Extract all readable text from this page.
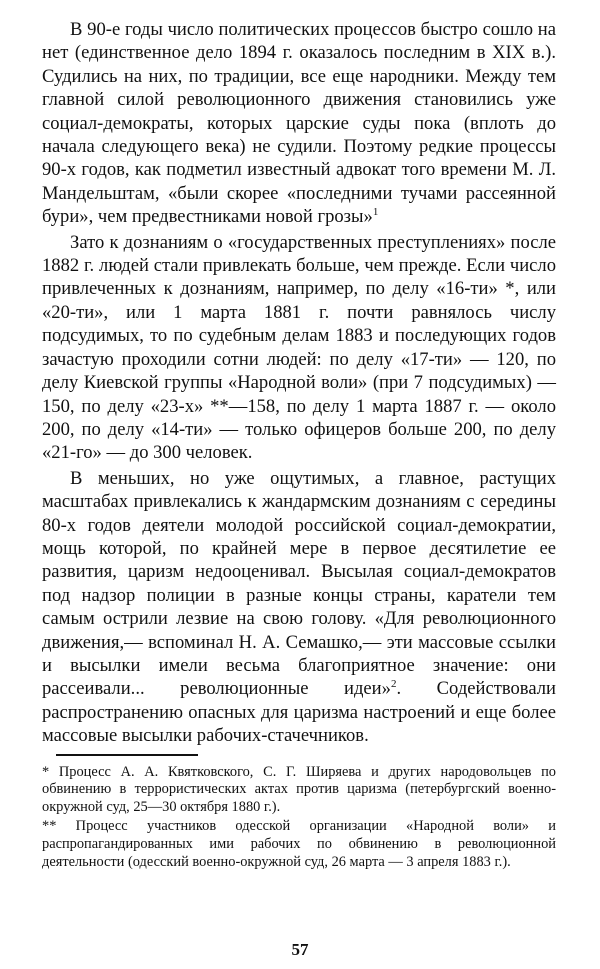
В 90-е годы число политических процессов быстро сошло на нет (единственное дело 1894 г. оказалось последним в XIX в.). Судились на них, по традиции, все еще народники. Между тем главной силой революционного движения становились уже социал-демократы, которых царские суды пока (вплоть до начала следующего века) не судили. Поэтому редкие процессы 90-х годов, как подметил известный адвокат того времени М. Л. Мандельштам, «были скорее «последними тучами рассеянной бури», чем предвестниками новой грозы»$^1$

Зато к дознаниям о «государственных преступлениях» после 1882 г. людей стали привлекать больше, чем прежде. Если число привлеченных к дознаниям, например, по делу «16-ти» *, или «20-ти», или 1 марта 1881 г. почти равнялось числу подсудимых, то по судебным делам 1883 и последующих годов зачастую проходили сотни людей: по делу «17-ти» — 120, по делу Киевской группы «Народной воли» (при 7 подсудимых) — 150, по делу «23-х» **—158, по делу 1 марта 1887 г. — около 200, по делу «14-ти» — только офицеров больше 200, по делу «21-го» — до 300 человек.

В меньших, но уже ощутимых, а главное, растущих масштабах привлекались к жандармским дознаниям с середины 80-х годов деятели молодой российской социал-демократии, мощь которой, по крайней мере в первое десятилетие ее развития, царизм недооценивал. Высылая социал-демократов под надзор полиции в разные концы страны, каратели тем самым острили лезвие на свою голову. «Для революционного движения,— вспоминал Н. А. Семашко,— эти массовые ссылки и высылки имели весьма благоприятное значение: они рассеивали... революционные идеи»$^2$. Содействовали распространению опасных для царизма настроений и еще более массовые высылки рабочих-стачечников.

* Процесс А. А. Квятковского, С. Г. Ширяева и других народовольцев по обвинению в террористических актах против царизма (петербургский военно-окружной суд, 25—30 октября 1880 г.).

** Процесс участников одесской организации «Народной воли» и распропагандированных ими рабочих по обвинению в революционной деятельности (одесский военно-окружной суд, 26 марта — 3 апреля 1883 г.).

57
